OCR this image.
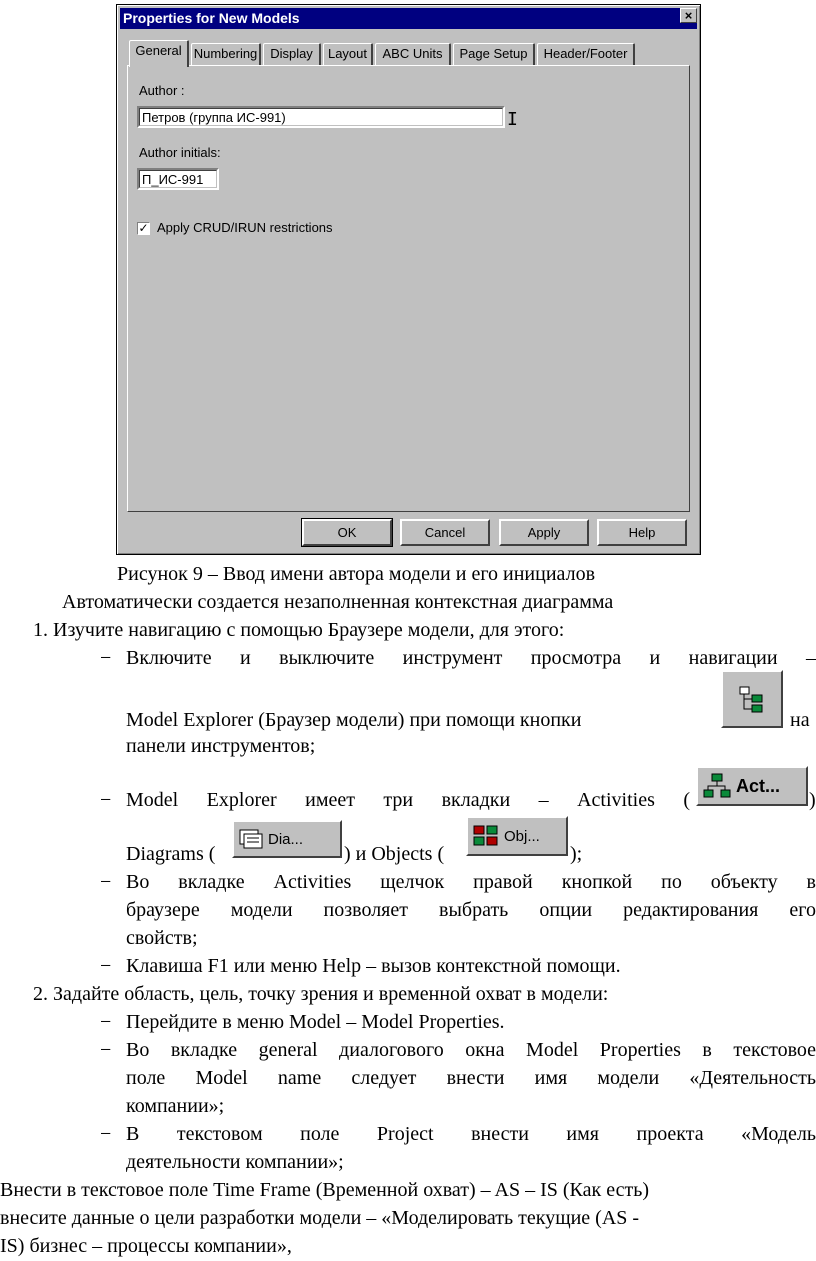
Properties for New Models	×
General Numbering Display	Layout	ABC Units	Page Setup	Header/Footer
Author :
Петров (группа ИС-991)	I
Author initials:
П_ИС-991
✓ Apply CRUD/IRUN restrictions
OK	Cancel	Apply	Help
Рисунок 9 – Ввод имени автора модели и его инициалов
Автоматически создается незаполненная контекстная диаграмма
1. Изучите навигацию с помощью Браузере модели, для этого:
− Включите и выключите инструмент просмотра и навигации –
Model Explorer (Браузер модели) при помощи кнопки	на
панели инструментов;
− Model Explorer имеет три вкладки – Activities (
Act...
)
Diagrams (
Dia...
) и Objects (
Obj...
);
− Во вкладке Activities щелчок правой кнопкой по объекту в
браузере модели позволяет выбрать опции редактирования его
свойств;
− Клавиша F1 или меню Help – вызов контекстной помощи.
2. Задайте область, цель, точку зрения и временной охват в модели:
− Перейдите в меню Model – Model Properties.
− Во вкладке general диалогового окна Model Properties в текстовое
поле Model name следует внести имя модели «Деятельность
компании»;
− В текстовом поле Project внести имя проекта «Модель
деятельности компании»;
Внести в текстовое поле Time Frame (Временной охват) – AS – IS (Как есть)
внесите данные о цели разработки модели – «Моделировать текущие (AS -
IS) бизнес – процессы компании»,
